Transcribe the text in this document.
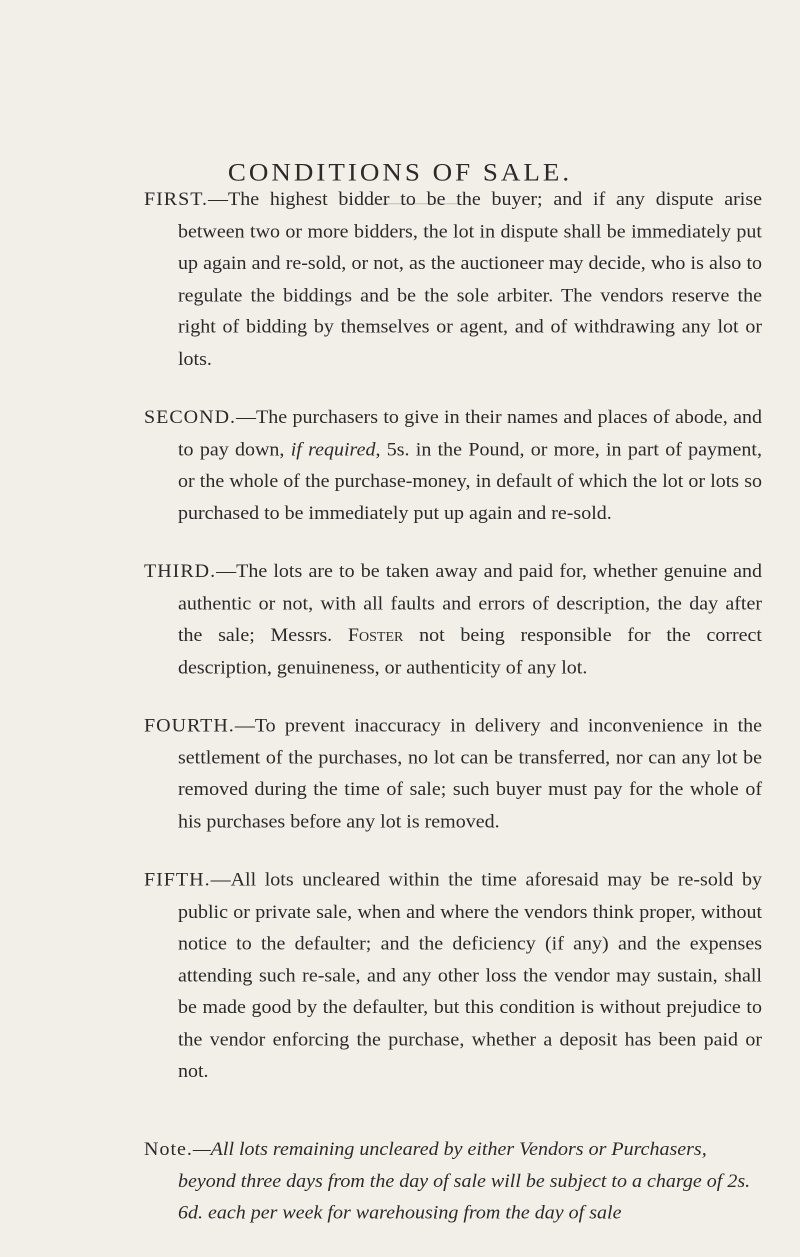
CONDITIONS OF SALE.
FIRST.—The highest bidder to be the buyer; and if any dispute arise between two or more bidders, the lot in dispute shall be immediately put up again and re-sold, or not, as the auctioneer may decide, who is also to regulate the biddings and be the sole arbiter. The vendors reserve the right of bidding by themselves or agent, and of withdrawing any lot or lots.
SECOND.—The purchasers to give in their names and places of abode, and to pay down, if required, 5s. in the Pound, or more, in part of payment, or the whole of the purchase-money, in default of which the lot or lots so purchased to be immediately put up again and re-sold.
THIRD.—The lots are to be taken away and paid for, whether genuine and authentic or not, with all faults and errors of description, the day after the sale; Messrs. Foster not being responsible for the correct description, genuineness, or authenticity of any lot.
FOURTH.—To prevent inaccuracy in delivery and inconvenience in the settlement of the purchases, no lot can be transferred, nor can any lot be removed during the time of sale; such buyer must pay for the whole of his purchases before any lot is removed.
FIFTH.—All lots uncleared within the time aforesaid may be re-sold by public or private sale, when and where the vendors think proper, without notice to the defaulter; and the deficiency (if any) and the expenses attending such re-sale, and any other loss the vendor may sustain, shall be made good by the defaulter, but this condition is without prejudice to the vendor enforcing the purchase, whether a deposit has been paid or not.
Note.—All lots remaining uncleared by either Vendors or Purchasers, beyond three days from the day of sale will be subject to a charge of 2s. 6d. each per week for warehousing from the day of sale
